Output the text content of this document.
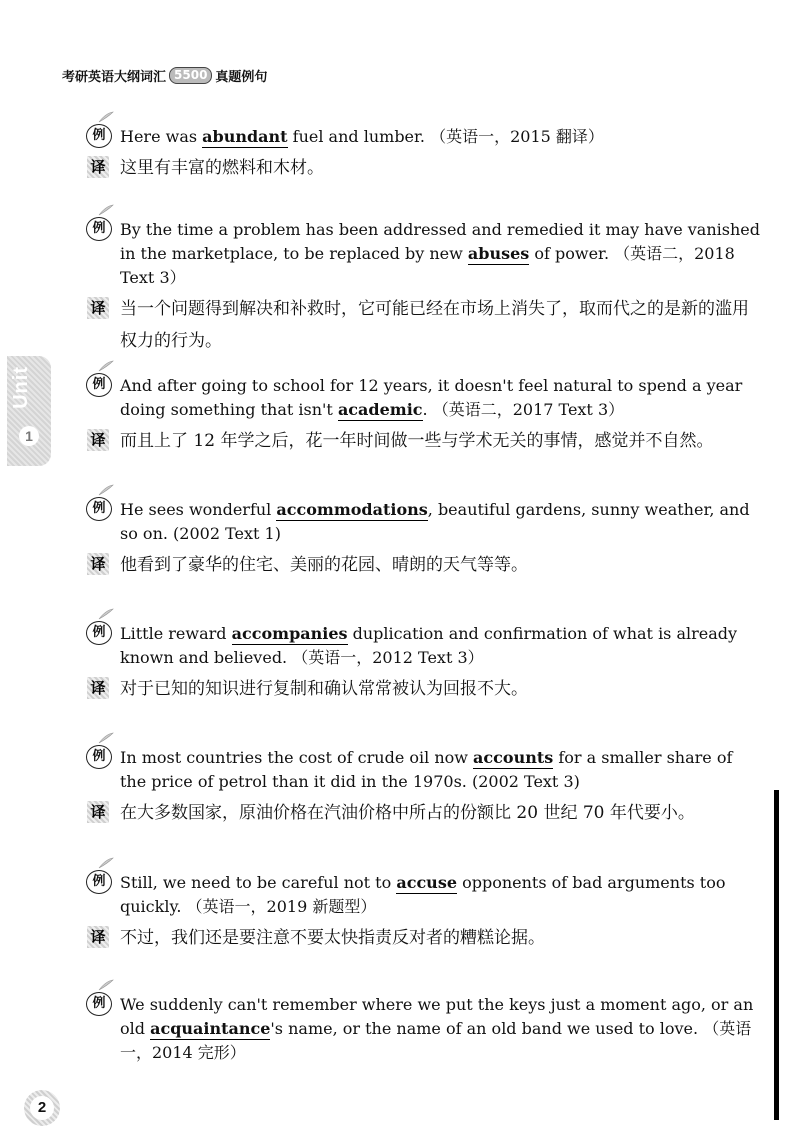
考研英语大纲词汇 5500 真题例句
Unit
1
例 Here was abundant fuel and lumber. （英语一，2015 翻译）
译 这里有丰富的燃料和木材。
例 By the time a problem has been addressed and remedied it may have vanished in the marketplace, to be replaced by new abuses of power. （英语二，2018 Text 3）
译 当一个问题得到解决和补救时，它可能已经在市场上消失了，取而代之的是新的滥用权力的行为。
例 And after going to school for 12 years, it doesn't feel natural to spend a year doing something that isn't academic. （英语二，2017 Text 3）
译 而且上了 12 年学之后，花一年时间做一些与学术无关的事情，感觉并不自然。
例 He sees wonderful accommodations, beautiful gardens, sunny weather, and so on. (2002 Text 1)
译 他看到了豪华的住宅、美丽的花园、晴朗的天气等等。
例 Little reward accompanies duplication and confirmation of what is already known and believed. （英语一，2012 Text 3）
译 对于已知的知识进行复制和确认常常被认为回报不大。
例 In most countries the cost of crude oil now accounts for a smaller share of the price of petrol than it did in the 1970s. (2002 Text 3)
译 在大多数国家，原油价格在汽油价格中所占的份额比 20 世纪 70 年代要小。
例 Still, we need to be careful not to accuse opponents of bad arguments too quickly. （英语一，2019 新题型）
译 不过，我们还是要注意不要太快指责反对者的糟糕论据。
例 We suddenly can't remember where we put the keys just a moment ago, or an old acquaintance's name, or the name of an old band we used to love. （英语一，2014 完形）
2
